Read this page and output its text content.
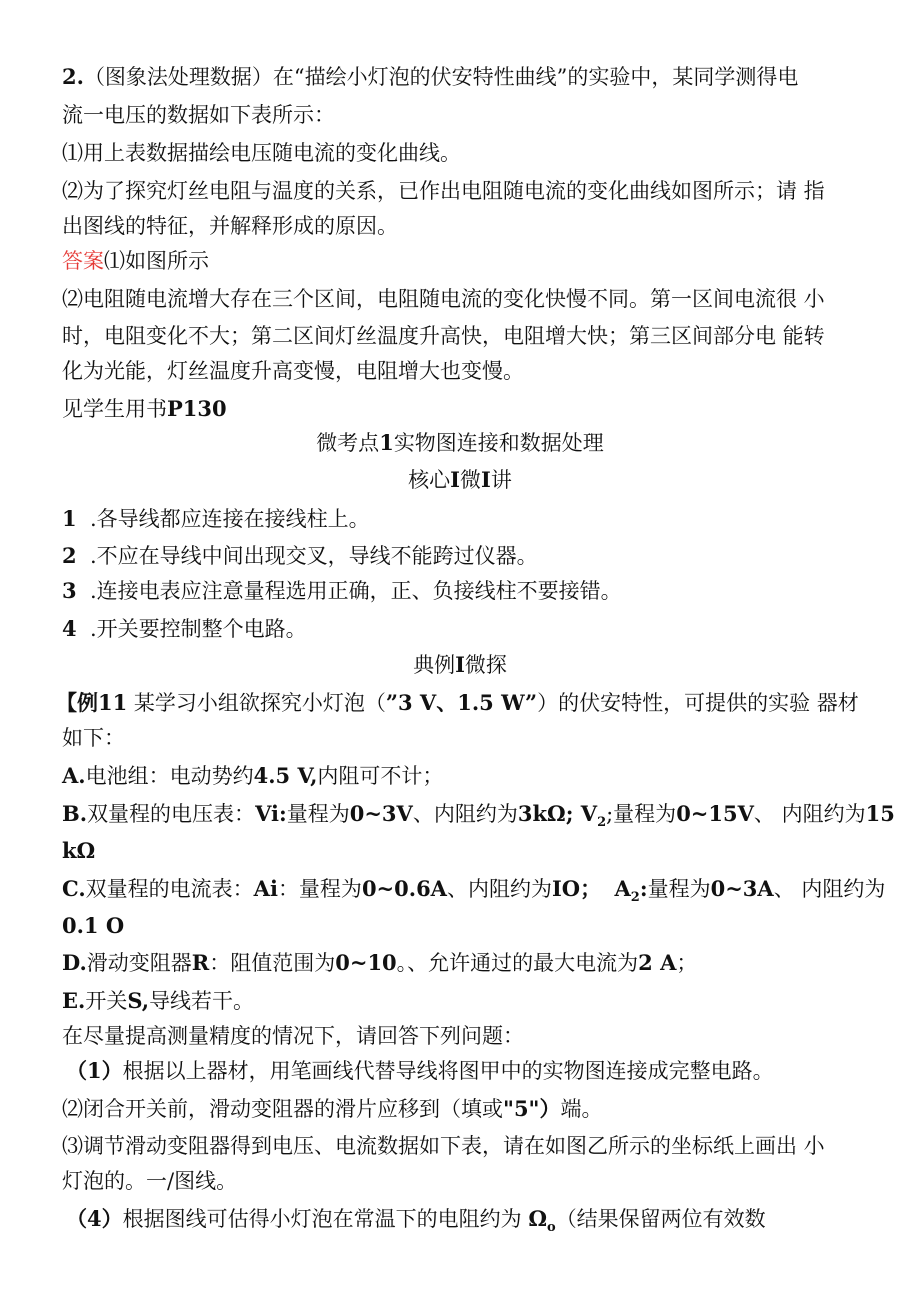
2.（图象法处理数据）在“描绘小灯泡的伏安特性曲线”的实验中，某同学测得电
流一电压的数据如下表所示：
⑴用上表数据描绘电压随电流的变化曲线。
⑵为了探究灯丝电阻与温度的关系，已作出电阻随电流的变化曲线如图所示；请 指
出图线的特征，并解释形成的原因。
答案⑴如图所示
⑵电阻随电流增大存在三个区间，电阻随电流的变化快慢不同。第一区间电流很 小
时，电阻变化不大；第二区间灯丝温度升高快，电阻增大快；第三区间部分电 能转
化为光能，灯丝温度升高变慢，电阻增大也变慢。
见学生用书P130
微考点1实物图连接和数据处理
核心I微I讲
1 .各导线都应连接在接线柱上。
2 .不应在导线中间出现交叉，导线不能跨过仪器。
3 .连接电表应注意量程选用正确，正、负接线柱不要接错。
4 .开关要控制整个电路。
典例I微探
【例11 某学习小组欲探究小灯泡（”3 V、1.5 W”）的伏安特性，可提供的实验 器材
如下：
A.电池组：电动势约4.5 V,内阻可不计；
B.双量程的电压表：Vi:量程为0~3V、内阻约为3kΩ; $V_2$;量程为0~15V、 内阻约为15
kΩ
C.双量程的电流表：Ai：量程为0~0.6A、内阻约为IO； $A_2$:量程为0~3A、 内阻约为
0.1 O
D.滑动变阻器R：阻值范围为0~10。、允许通过的最大电流为2 A；
E.开关S,导线若干。
在尽量提高测量精度的情况下，请回答下列问题：
（1）根据以上器材，用笔画线代替导线将图甲中的实物图连接成完整电路。
⑵闭合开关前，滑动变阻器的滑片应移到（填或"5"）端。
⑶调节滑动变阻器得到电压、电流数据如下表，请在如图乙所示的坐标纸上画出 小
灯泡的。一/图线。
（4）根据图线可估得小灯泡在常温下的电阻约为 $\Omega_o$（结果保留两位有效数
